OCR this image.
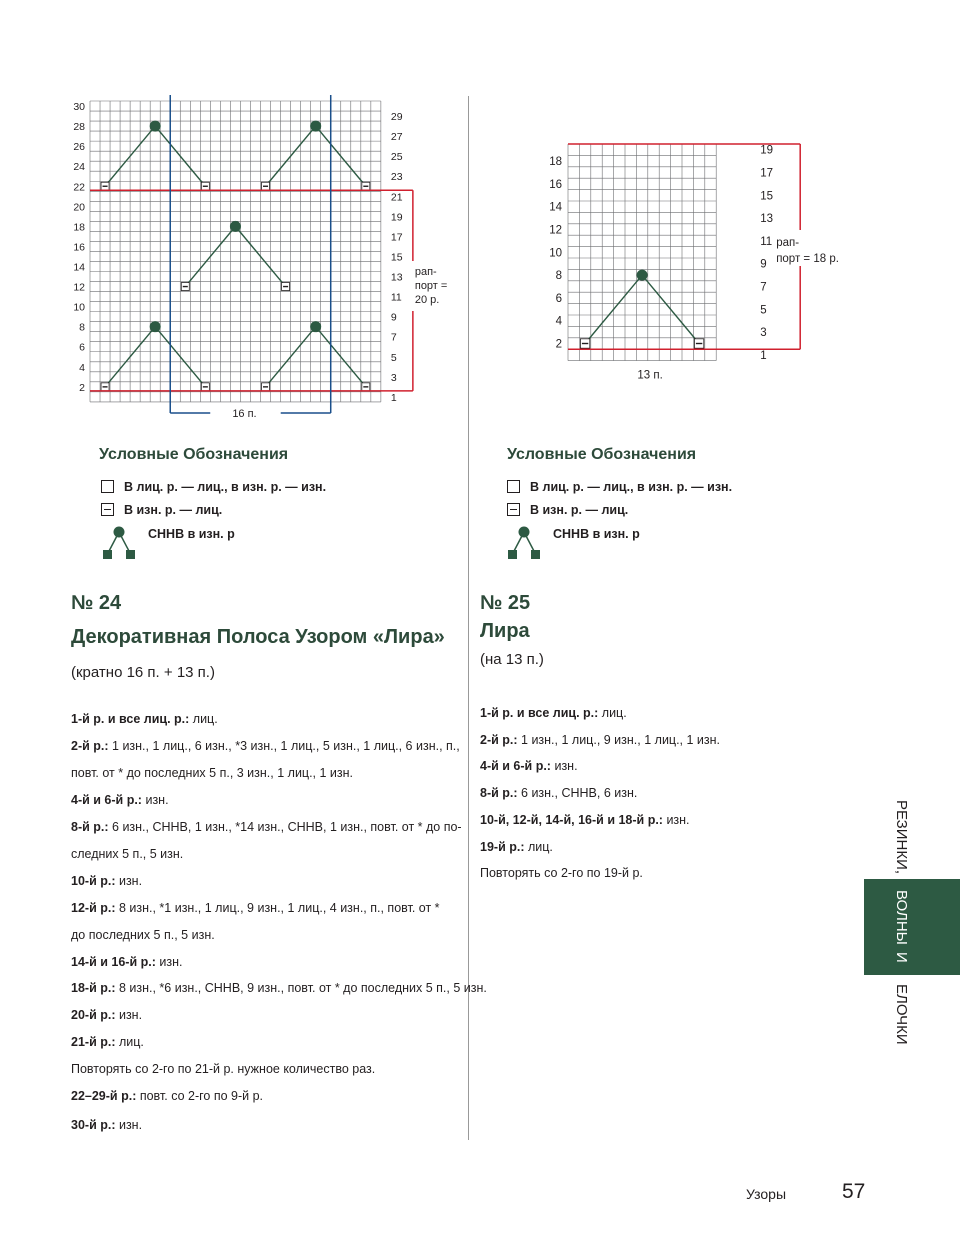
30
28
26
24
22
20
18
16
14
12
10
8
6
4
2
29
27
25
23
21
19
17
15
13
11
9
7
5
3
1
16 п.
рап-
порт =
20 р.
18
16
14
12
10
8
6
4
2
19
17
15
13
11
9
7
5
3
1
13 п.
рап-
порт = 18 р.
Условные Обозначения
В лиц. р. — лиц., в изн. р. — изн.
В изн. р. — лиц.
СННВ в изн. р
Условные Обозначения
В лиц. р. — лиц., в изн. р. — изн.
В изн. р. — лиц.
СННВ в изн. р
№ 24
Декоративная Полоса Узором «Лира»
(кратно 16 п. + 13 п.)
1-й р. и все лиц. р.: лиц.
2-й р.: 1 изн., 1 лиц., 6 изн., *3 изн., 1 лиц., 5 изн., 1 лиц., 6 изн., п.,
повт. от * до последних 5 п., 3 изн., 1 лиц., 1 изн.
4-й и 6-й р.: изн.
8-й р.: 6 изн., СННВ, 1 изн., *14 изн., СННВ, 1 изн., повт. от * до по-
следних 5 п., 5 изн.
10-й р.: изн.
12-й р.: 8 изн., *1 изн., 1 лиц., 9 изн., 1 лиц., 4 изн., п., повт. от *
до последних 5 п., 5 изн.
14-й и 16-й р.: изн.
18-й р.: 8 изн., *6 изн., СННВ, 9 изн., повт. от * до последних 5 п., 5 изн.
20-й р.: изн.
21-й р.: лиц.
Повторять со 2-го по 21-й р. нужное количество раз.
22–29-й р.: повт. со 2-го по 9-й р.
30-й р.: изн.
№ 25
Лира
(на 13 п.)
1-й р. и все лиц. р.: лиц.
2-й р.: 1 изн., 1 лиц., 9 изн., 1 лиц., 1 изн.
4-й и 6-й р.: изн.
8-й р.: 6 изн., СННВ, 6 изн.
10-й, 12-й, 14-й, 16-й и 18-й р.: изн.
19-й р.: лиц.
Повторять со 2-го по 19-й р.	РЕЗИНКИ,
ВОЛНЫ
И
ЕЛОЧКИ
Узоры	57
